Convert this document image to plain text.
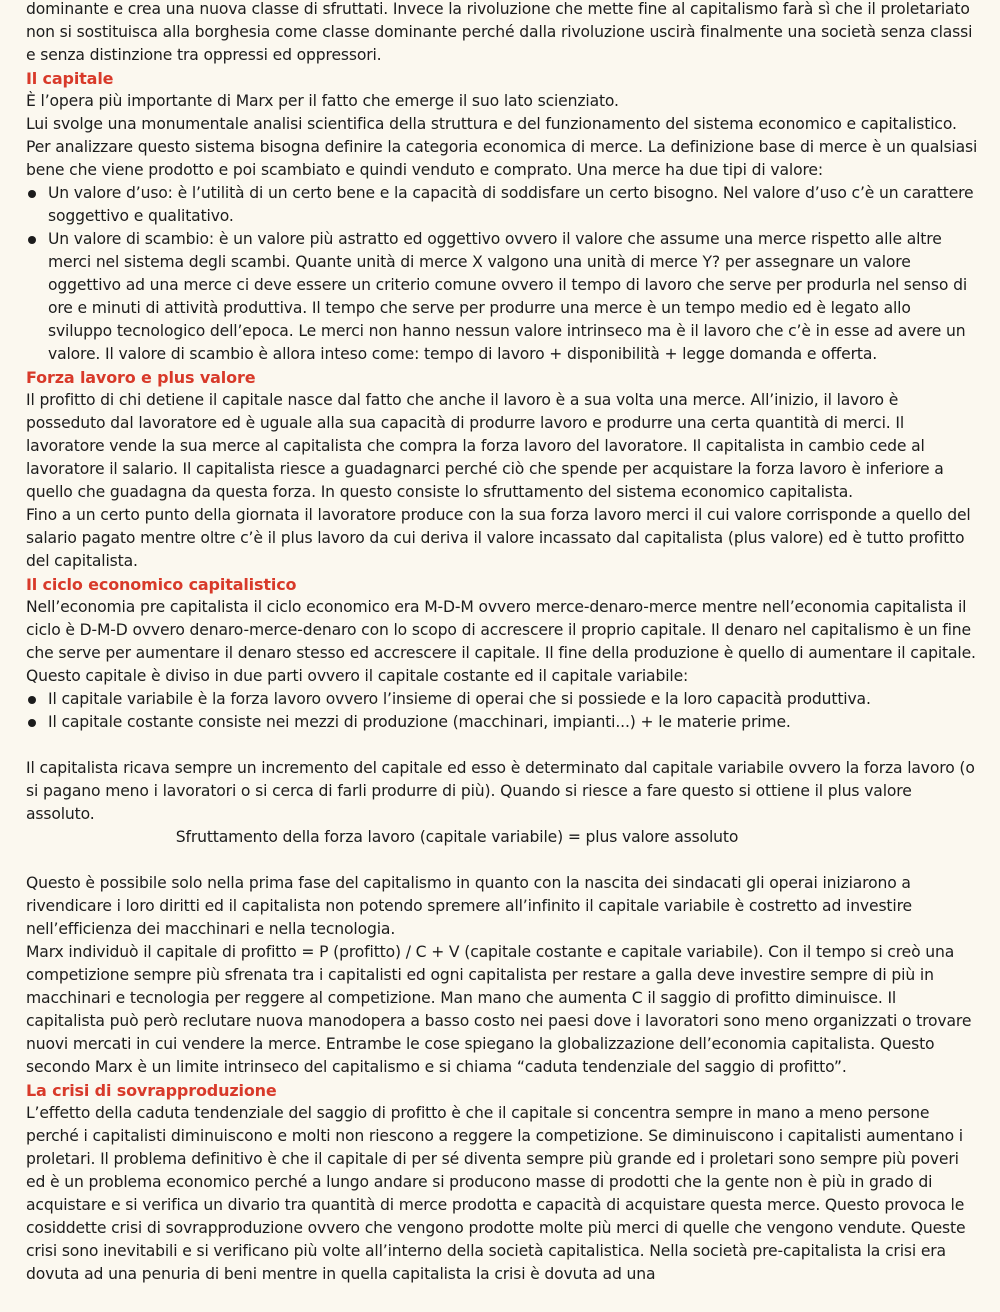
dominante e crea una nuova classe di sfruttati. Invece la rivoluzione che mette fine al capitalismo farà sì che il proletariato non si sostituisca alla borghesia come classe dominante perché dalla rivoluzione uscirà finalmente una società senza classi e senza distinzione tra oppressi ed oppressori.

Il capitale

È l’opera più importante di Marx per il fatto che emerge il suo lato scienziato.

Lui svolge una monumentale analisi scientifica della struttura e del funzionamento del sistema economico e capitalistico.

Per analizzare questo sistema bisogna definire la categoria economica di merce. La definizione base di merce è un qualsiasi bene che viene prodotto e poi scambiato e quindi venduto e comprato. Una merce ha due tipi di valore:

Un valore d’uso: è l’utilità di un certo bene e la capacità di soddisfare un certo bisogno. Nel valore d’uso c’è un carattere soggettivo e qualitativo.
Un valore di scambio: è un valore più astratto ed oggettivo ovvero il valore che assume una merce rispetto alle altre merci nel sistema degli scambi. Quante unità di merce X valgono una unità di merce Y? per assegnare un valore oggettivo ad una merce ci deve essere un criterio comune ovvero il tempo di lavoro che serve per produrla nel senso di ore e minuti di attività produttiva. Il tempo che serve per produrre una merce è un tempo medio ed è legato allo sviluppo tecnologico dell’epoca. Le merci non hanno nessun valore intrinseco ma è il lavoro che c’è in esse ad avere un valore. Il valore di scambio è allora inteso come: tempo di lavoro + disponibilità + legge domanda e offerta.
Forza lavoro e plus valore

Il profitto di chi detiene il capitale nasce dal fatto che anche il lavoro è a sua volta una merce. All’inizio, il lavoro è posseduto dal lavoratore ed è uguale alla sua capacità di produrre lavoro e produrre una certa quantità di merci. Il lavoratore vende la sua merce al capitalista che compra la forza lavoro del lavoratore. Il capitalista in cambio cede al lavoratore il salario. Il capitalista riesce a guadagnarci perché ciò che spende per acquistare la forza lavoro è inferiore a quello che guadagna da questa forza. In questo consiste lo sfruttamento del sistema economico capitalista.

Fino a un certo punto della giornata il lavoratore produce con la sua forza lavoro merci il cui valore corrisponde a quello del salario pagato mentre oltre c’è il plus lavoro da cui deriva il valore incassato dal capitalista (plus valore) ed è tutto profitto del capitalista.

Il ciclo economico capitalistico

Nell’economia pre capitalista il ciclo economico era M-D-M ovvero merce-denaro-merce mentre nell’economia capitalista il ciclo è D-M-D ovvero denaro-merce-denaro con lo scopo di accrescere il proprio capitale. Il denaro nel capitalismo è un fine che serve per aumentare il denaro stesso ed accrescere il capitale. Il fine della produzione è quello di aumentare il capitale. Questo capitale è diviso in due parti ovvero il capitale costante ed il capitale variabile:

Il capitale variabile è la forza lavoro ovvero l’insieme di operai che si possiede e la loro capacità produttiva.
Il capitale costante consiste nei mezzi di produzione (macchinari, impianti...) + le materie prime.

Il capitalista ricava sempre un incremento del capitale ed esso è determinato dal capitale variabile ovvero la forza lavoro (o si pagano meno i lavoratori o si cerca di farli produrre di più). Quando si riesce a fare questo si ottiene il plus valore assoluto.

Sfruttamento della forza lavoro (capitale variabile) = plus valore assoluto

Questo è possibile solo nella prima fase del capitalismo in quanto con la nascita dei sindacati gli operai iniziarono a rivendicare i loro diritti ed il capitalista non potendo spremere all’infinito il capitale variabile è costretto ad investire nell’efficienza dei macchinari e nella tecnologia.

Marx individuò il capitale di profitto = P (profitto) / C + V (capitale costante e capitale variabile). Con il tempo si creò una competizione sempre più sfrenata tra i capitalisti ed ogni capitalista per restare a galla deve investire sempre di più in macchinari e tecnologia per reggere al competizione. Man mano che aumenta C il saggio di profitto diminuisce. Il capitalista può però reclutare nuova manodopera a basso costo nei paesi dove i lavoratori sono meno organizzati o trovare nuovi mercati in cui vendere la merce. Entrambe le cose spiegano la globalizzazione dell’economia capitalista. Questo secondo Marx è un limite intrinseco del capitalismo e si chiama “caduta tendenziale del saggio di profitto”.

La crisi di sovrapproduzione

L’effetto della caduta tendenziale del saggio di profitto è che il capitale si concentra sempre in mano a meno persone perché i capitalisti diminuiscono e molti non riescono a reggere la competizione. Se diminuiscono i capitalisti aumentano i proletari. Il problema definitivo è che il capitale di per sé diventa sempre più grande ed i proletari sono sempre più poveri ed è un problema economico perché a lungo andare si producono masse di prodotti che la gente non è più in grado di acquistare e si verifica un divario tra quantità di merce prodotta e capacità di acquistare questa merce. Questo provoca le cosiddette crisi di sovrapproduzione ovvero che vengono prodotte molte più merci di quelle che vengono vendute. Queste crisi sono inevitabili e si verificano più volte all’interno della società capitalistica. Nella società pre-capitalista la crisi era dovuta ad una penuria di beni mentre in quella capitalista la crisi è dovuta ad una
